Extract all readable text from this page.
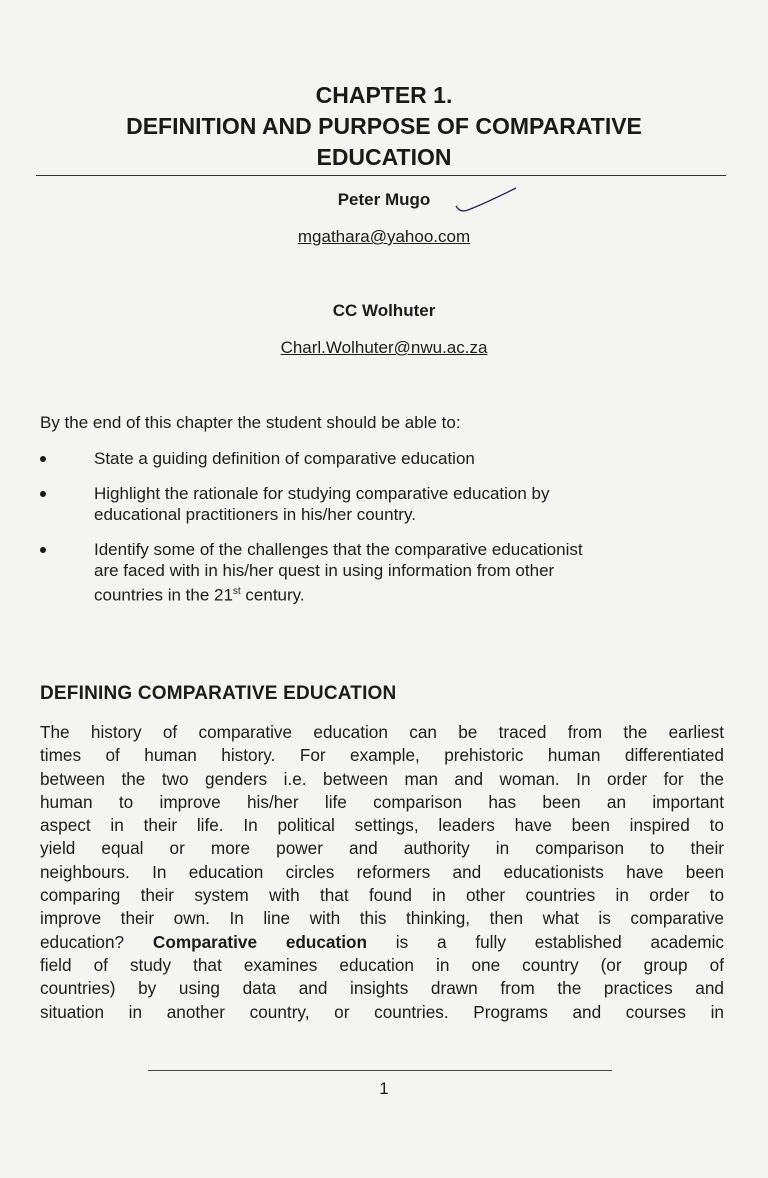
CHAPTER 1.
DEFINITION AND PURPOSE OF COMPARATIVE
EDUCATION
Peter Mugo
mgathara@yahoo.com
CC Wolhuter
Charl.Wolhuter@nwu.ac.za
By the end of this chapter the student should be able to:
State a guiding definition of comparative education
Highlight the rationale for studying comparative education by
educational practitioners in his/her country.
Identify some of the challenges that the comparative educationist
are faced with in his/her quest in using information from other
countries in the 21st century.
DEFINING COMPARATIVE EDUCATION
The history of comparative education can be traced from the earliest
times of human history. For example, prehistoric human differentiated
between the two genders i.e. between man and woman. In order for the
human to improve his/her life comparison has been an important
aspect in their life. In political settings, leaders have been inspired to
yield equal or more power and authority in comparison to their
neighbours. In education circles reformers and educationists have been
comparing their system with that found in other countries in order to
improve their own. In line with this thinking, then what is comparative
education? Comparative education is a fully established academic
field of study that examines education in one country (or group of
countries) by using data and insights drawn from the practices and
situation in another country, or countries. Programs and courses in
1
